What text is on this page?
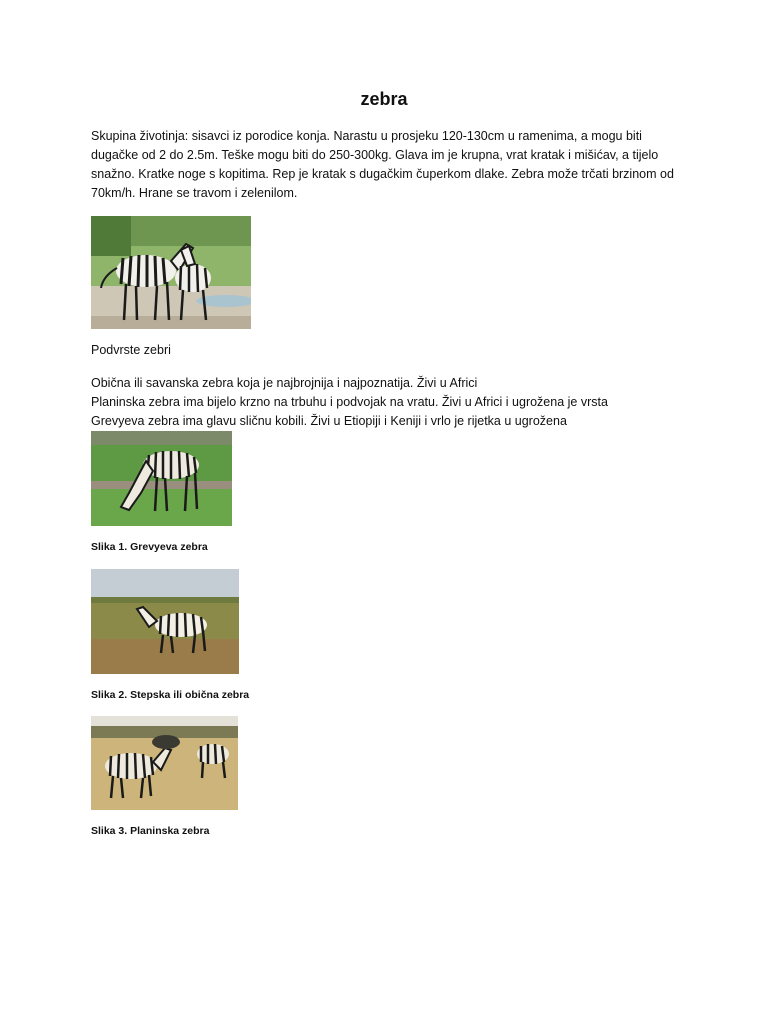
zebra

Skupina životinja: sisavci iz porodice konja. Narastu u prosjeku 120-130cm u ramenima, a mogu biti dugačke od 2 do 2.5m. Teške mogu biti do 250-300kg. Glava im je krupna, vrat kratak i mišićav, a tijelo snažno. Kratke noge s kopitima. Rep je kratak s dugačkim čuperkom dlake. Zebra može trčati brzinom od 70km/h. Hrane se travom i zelenilom.

Podvrste zebri
Obična ili savanska zebra koja je najbrojnija i najpoznatija. Živi u Africi
Planinska zebra ima bijelo krzno na trbuhu i podvojak na vratu. Živi u Africi i ugrožena je vrsta
Grevyeva zebra ima glavu sličnu kobili. Živi u Etiopiji i Keniji i vrlo je rijetka u ugrožena
Slika 1. Grevyeva zebra
Slika 2. Stepska ili obična zebra
Slika 3. Planinska zebra
